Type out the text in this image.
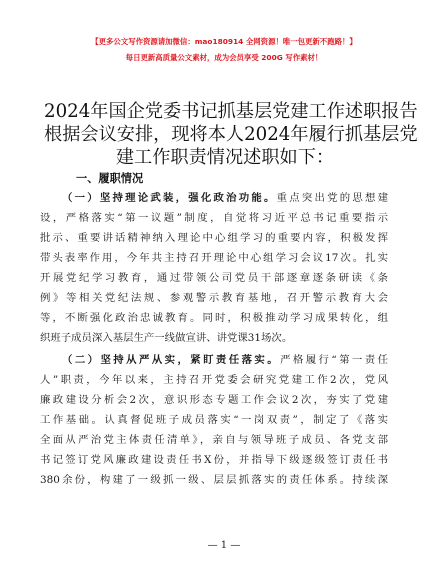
【更多公文写作资源请加微信：mao180914 全网资源！唯一包更新不跑路！】
每日更新高质量公文素材，成为会员享受 200G 写作素材！
2024年国企党委书记抓基层党建工作述职报告
根据会议安排，现将本人2024年履行抓基层党
建工作职责情况述职如下：
一、履职情况
（一）坚持理论武装，强化政治功能。重点突出党的思想建
设，严格落实“第一议题”制度，自觉将习近平总书记重要指示
批示、重要讲话精神纳入理论中心组学习的重要内容，积极发挥
带头表率作用，今年共主持召开理论中心组学习会议17次。扎实
开展党纪学习教育，通过带领公司党员干部逐章逐条研读《条
例》等相关党纪法规、参观警示教育基地，召开警示教育大会
等，不断强化政治忠诚教育。同时，积极推动学习成果转化，组
织班子成员深入基层生产一线做宣讲、讲党课31场次。
（二）坚持从严从实，紧盯责任落实。严格履行“第一责任
人”职责，今年以来，主持召开党委会研究党建工作2次，党风
廉政建设分析会2次，意识形态专题工作会议2次，夯实了党建
工作基础。认真督促班子成员落实“一岗双责”，制定了《落实
全面从严治党主体责任清单》，亲自与领导班子成员、各党支部
书记签订党风廉政建设责任书X份，并指导下级逐级签订责任书
380余份，构建了一级抓一级、层层抓落实的责任体系。持续深
— 1 —
